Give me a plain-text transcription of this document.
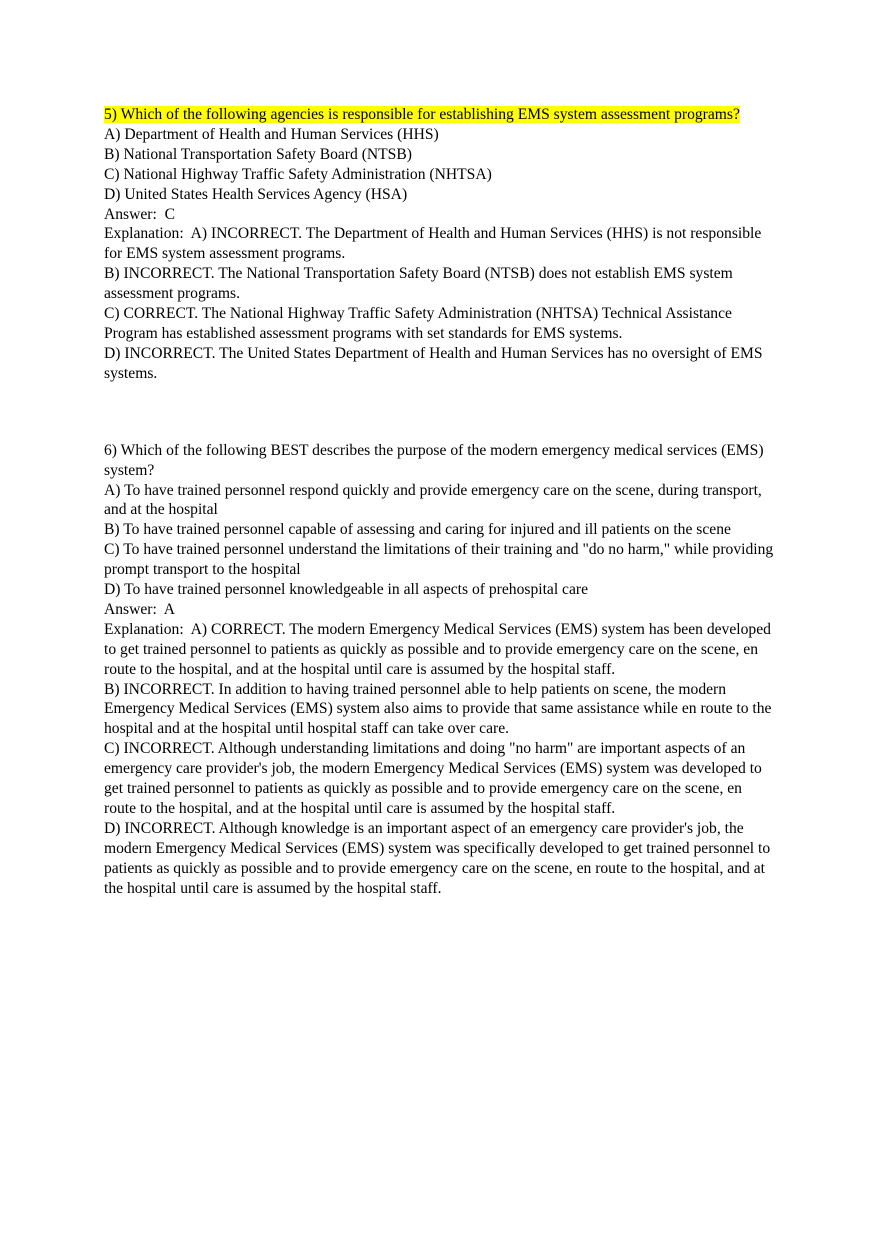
5) Which of the following agencies is responsible for establishing EMS system assessment programs?

A) Department of Health and Human Services (HHS)

B) National Transportation Safety Board (NTSB)

C) National Highway Traffic Safety Administration (NHTSA)

D) United States Health Services Agency (HSA)

Answer:  C

Explanation:  A) INCORRECT. The Department of Health and Human Services (HHS) is not responsible for EMS system assessment programs.

B) INCORRECT. The National Transportation Safety Board (NTSB) does not establish EMS system assessment programs.

C) CORRECT. The National Highway Traffic Safety Administration (NHTSA) Technical Assistance Program has established assessment programs with set standards for EMS systems.

D) INCORRECT. The United States Department of Health and Human Services has no oversight of EMS systems.

6) Which of the following BEST describes the purpose of the modern emergency medical services (EMS) system?

A) To have trained personnel respond quickly and provide emergency care on the scene, during transport, and at the hospital

B) To have trained personnel capable of assessing and caring for injured and ill patients on the scene

C) To have trained personnel understand the limitations of their training and "do no harm," while providing prompt transport to the hospital

D) To have trained personnel knowledgeable in all aspects of prehospital care

Answer:  A

Explanation:  A) CORRECT. The modern Emergency Medical Services (EMS) system has been developed to get trained personnel to patients as quickly as possible and to provide emergency care on the scene, en route to the hospital, and at the hospital until care is assumed by the hospital staff.

B) INCORRECT. In addition to having trained personnel able to help patients on scene, the modern Emergency Medical Services (EMS) system also aims to provide that same assistance while en route to the hospital and at the hospital until hospital staff can take over care.

C) INCORRECT. Although understanding limitations and doing "no harm" are important aspects of an emergency care provider's job, the modern Emergency Medical Services (EMS) system was developed to get trained personnel to patients as quickly as possible and to provide emergency care on the scene, en route to the hospital, and at the hospital until care is assumed by the hospital staff.

D) INCORRECT. Although knowledge is an important aspect of an emergency care provider's job, the modern Emergency Medical Services (EMS) system was specifically developed to get trained personnel to patients as quickly as possible and to provide emergency care on the scene, en route to the hospital, and at the hospital until care is assumed by the hospital staff.
